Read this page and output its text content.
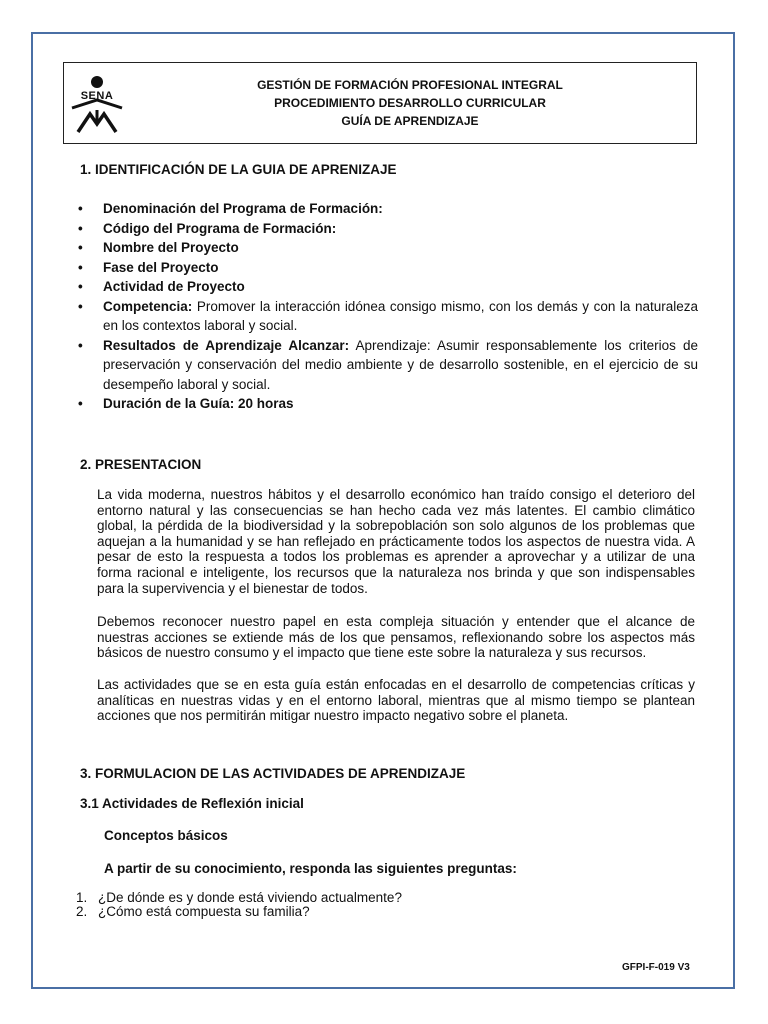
SENA
GESTIÓN DE FORMACIÓN PROFESIONAL INTEGRAL
PROCEDIMIENTO DESARROLLO CURRICULAR
GUÍA DE APRENDIZAJE
1. IDENTIFICACIÓN DE LA GUIA DE APRENIZAJE
• Denominación del Programa de Formación:
• Código del Programa de Formación:
• Nombre del Proyecto
• Fase del Proyecto
• Actividad de Proyecto
• Competencia: Promover la interacción idónea consigo mismo, con los demás y con la naturaleza en los contextos laboral y social.
• Resultados de Aprendizaje Alcanzar: Aprendizaje: Asumir responsablemente los criterios de preservación y conservación del medio ambiente y de desarrollo sostenible, en el ejercicio de su desempeño laboral y social.
• Duración de la Guía: 20 horas
2. PRESENTACION

La vida moderna, nuestros hábitos y el desarrollo económico han traído consigo el deterioro del entorno natural y las consecuencias se han hecho cada vez más latentes. El cambio climático global, la pérdida de la biodiversidad y la sobrepoblación son solo algunos de los problemas que aquejan a la humanidad y se han reflejado en prácticamente todos los aspectos de nuestra vida. A pesar de esto la respuesta a todos los problemas es aprender a aprovechar y a utilizar de una forma racional e inteligente, los recursos que la naturaleza nos brinda y que son indispensables para la supervivencia y el bienestar de todos.

Debemos reconocer nuestro papel en esta compleja situación y entender que el alcance de nuestras acciones se extiende más de los que pensamos, reflexionando sobre los aspectos más básicos de nuestro consumo y el impacto que tiene este sobre la naturaleza y sus recursos.

Las actividades que se en esta guía están enfocadas en el desarrollo de competencias críticas y analíticas en nuestras vidas y en el entorno laboral, mientras que al mismo tiempo se plantean acciones que nos permitirán mitigar nuestro impacto negativo sobre el planeta.

3. FORMULACION DE LAS ACTIVIDADES DE APRENDIZAJE
3.1 Actividades de Reflexión inicial
Conceptos básicos
A partir de su conocimiento, responda las siguientes preguntas:
1. ¿De dónde es y donde está viviendo actualmente?
2. ¿Cómo está compuesta su familia?
GFPI-F-019 V3
